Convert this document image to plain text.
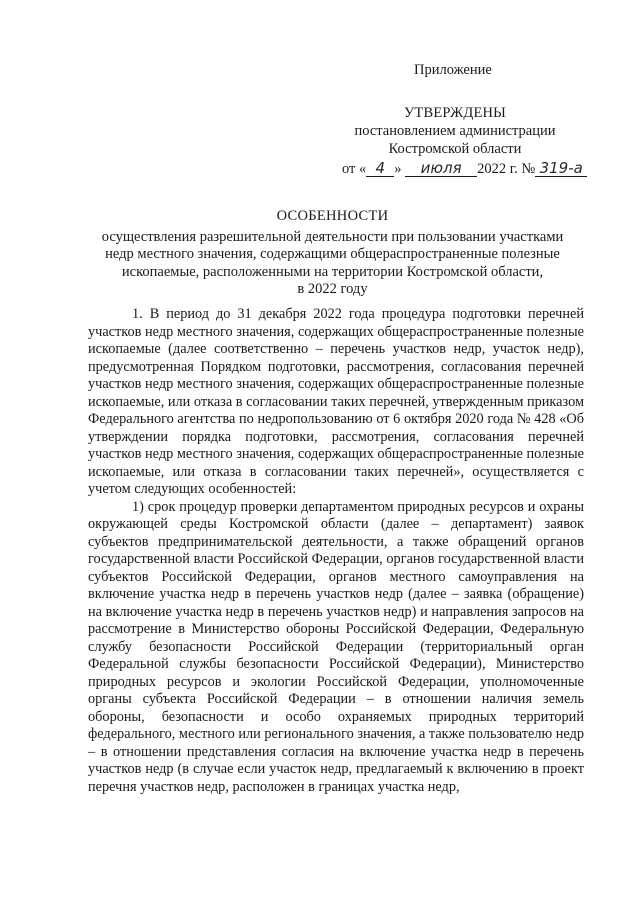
Приложение
УТВЕРЖДЕНЫ
постановлением администрации
Костромской области
от « 4 » июля 2022 г. № 319-а
ОСОБЕННОСТИ
осуществления разрешительной деятельности при пользовании участками
недр местного значения, содержащими общераспространенные полезные
ископаемые, расположенными на территории Костромской области,
в 2022 году

1. В период до 31 декабря 2022 года процедура подготовки перечней участков недр местного значения, содержащих общераспространенные полезные ископаемые (далее соответственно – перечень участков недр, участок недр), предусмотренная Порядком подготовки, рассмотрения, согласования перечней участков недр местного значения, содержащих общераспространенные полезные ископаемые, или отказа в согласовании таких перечней, утвержденным приказом Федерального агентства по недропользованию от 6 октября 2020 года № 428 «Об утверждении порядка подготовки, рассмотрения, согласования перечней участков недр местного значения, содержащих общераспространенные полезные ископаемые, или отказа в согласовании таких перечней», осуществляется с учетом следующих особенностей:

1) срок процедур проверки департаментом природных ресурсов и охраны окружающей среды Костромской области (далее – департамент) заявок субъектов предпринимательской деятельности, а также обращений органов государственной власти Российской Федерации, органов государственной власти субъектов Российской Федерации, органов местного самоуправления на включение участка недр в перечень участков недр (далее – заявка (обращение) на включение участка недр в перечень участков недр) и направления запросов на рассмотрение в Министерство обороны Российской Федерации, Федеральную службу безопасности Российской Федерации (территориальный орган Федеральной службы безопасности Российской Федерации), Министерство природных ресурсов и экологии Российской Федерации, уполномоченные органы субъекта Российской Федерации – в отношении наличия земель обороны, безопасности и особо охраняемых природных территорий федерального, местного или регионального значения, а также пользователю недр – в отношении представления согласия на включение участка недр в перечень участков недр (в случае если участок недр, предлагаемый к включению в проект перечня участков недр, расположен в границах участка недр,
